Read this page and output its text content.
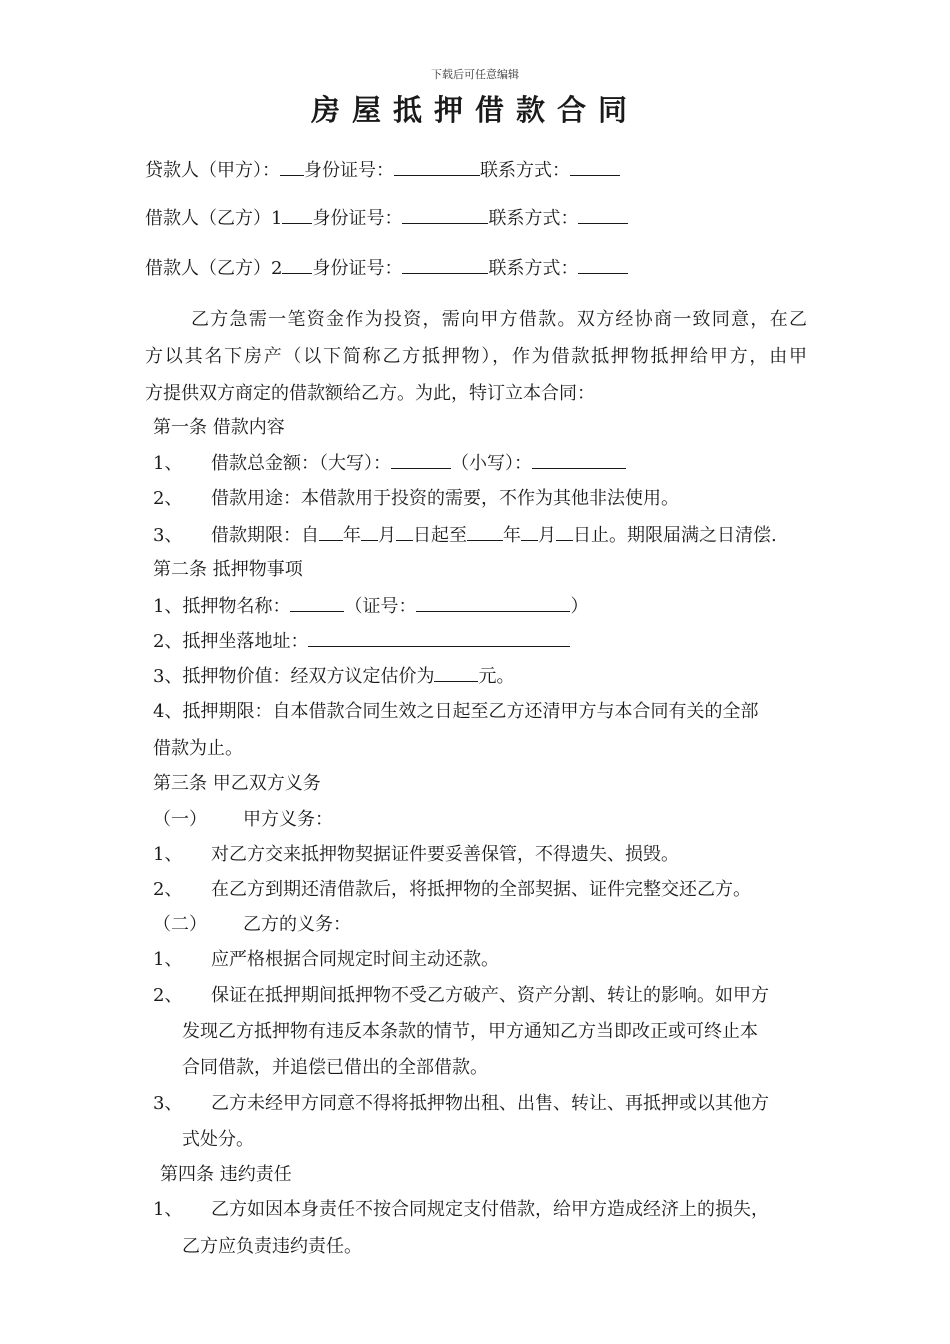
下载后可任意编辑
房屋抵押借款合同
贷款人（甲方）： 身份证号：	联系方式：
借款人（乙方）1 身份证号：	联系方式：
借款人（乙方）2 身份证号：	联系方式：
乙方急需一笔资金作为投资，需向甲方借款。双方经协商一致同意，在乙
方以其名下房产（以下简称乙方抵押物），作为借款抵押物抵押给甲方，由甲
方提供双方商定的借款额给乙方。为此，特订立本合同：
第一条 借款内容
1、 借款总金额：（大写）：	（小写）：
2、 借款用途：本借款用于投资的需要，不作为其他非法使用。
3、 借款期限：自 年 月 日起至 年 月 日止。期限届满之日清偿.
第二条 抵押物事项
1、抵押物名称：	（证号：	）
2、抵押坐落地址：
3、抵押物价值：经双方议定估价为 元。
4、抵押期限：自本借款合同生效之日起至乙方还清甲方与本合同有关的全部
借款为止。
第三条 甲乙双方义务
（一） 甲方义务：
1、 对乙方交来抵押物契据证件要妥善保管，不得遗失、损毁。
2、 在乙方到期还清借款后，将抵押物的全部契据、证件完整交还乙方。
（二） 乙方的义务：
1、 应严格根据合同规定时间主动还款。
2、 保证在抵押期间抵押物不受乙方破产、资产分割、转让的影响。如甲方
发现乙方抵押物有违反本条款的情节，甲方通知乙方当即改正或可终止本
合同借款，并追偿已借出的全部借款。
3、 乙方未经甲方同意不得将抵押物出租、出售、转让、再抵押或以其他方
式处分。
第四条 违约责任
1、 乙方如因本身责任不按合同规定支付借款，给甲方造成经济上的损失，
乙方应负责违约责任。
